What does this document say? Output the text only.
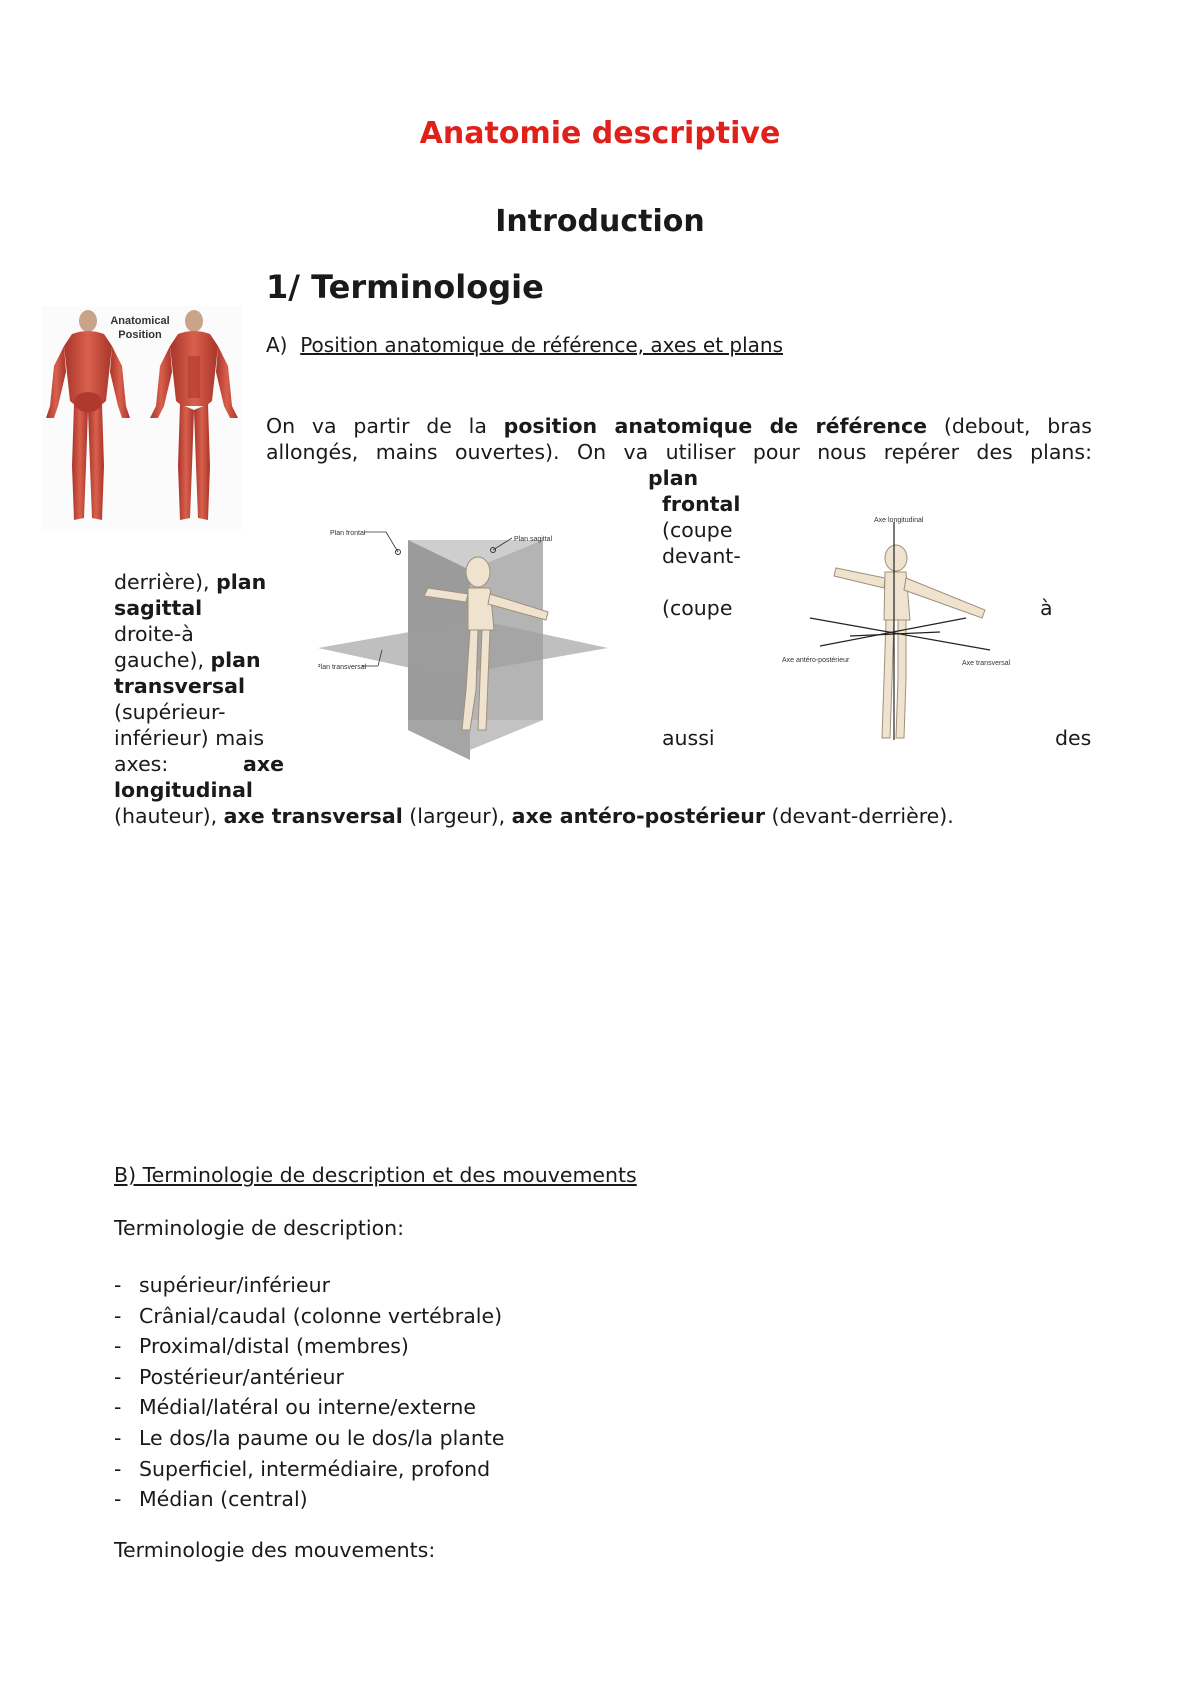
Anatomie descriptive
Introduction
1/ Terminologie
A) Position anatomique de référence, axes et plans
Anatomical
Position
On va partir de la position anatomique de référence (debout, bras
allongés, mains ouvertes). On va utiliser pour nous repérer des plans:
plan
frontal
(coupe
devant-
(coupe	à
aussi	des
derrière), plan
sagittal
droite-à
gauche), plan
transversal
(supérieur-
inférieur) mais
axes:	axe
longitudinal
(hauteur), axe transversal (largeur), axe antéro-postérieur (devant-derrière).
Plan frontal
Plan sagittal
Plan transversal
Axe longitudinal
Axe antéro-postérieur	Axe transversal
B) Terminologie de description et des mouvements
Terminologie de description:
- supérieur/inférieur
- Crânial/caudal (colonne vertébrale)
- Proximal/distal (membres)
- Postérieur/antérieur
- Médial/latéral ou interne/externe
- Le dos/la paume ou le dos/la plante
- Superficiel, intermédiaire, profond
- Médian (central)
Terminologie des mouvements:
